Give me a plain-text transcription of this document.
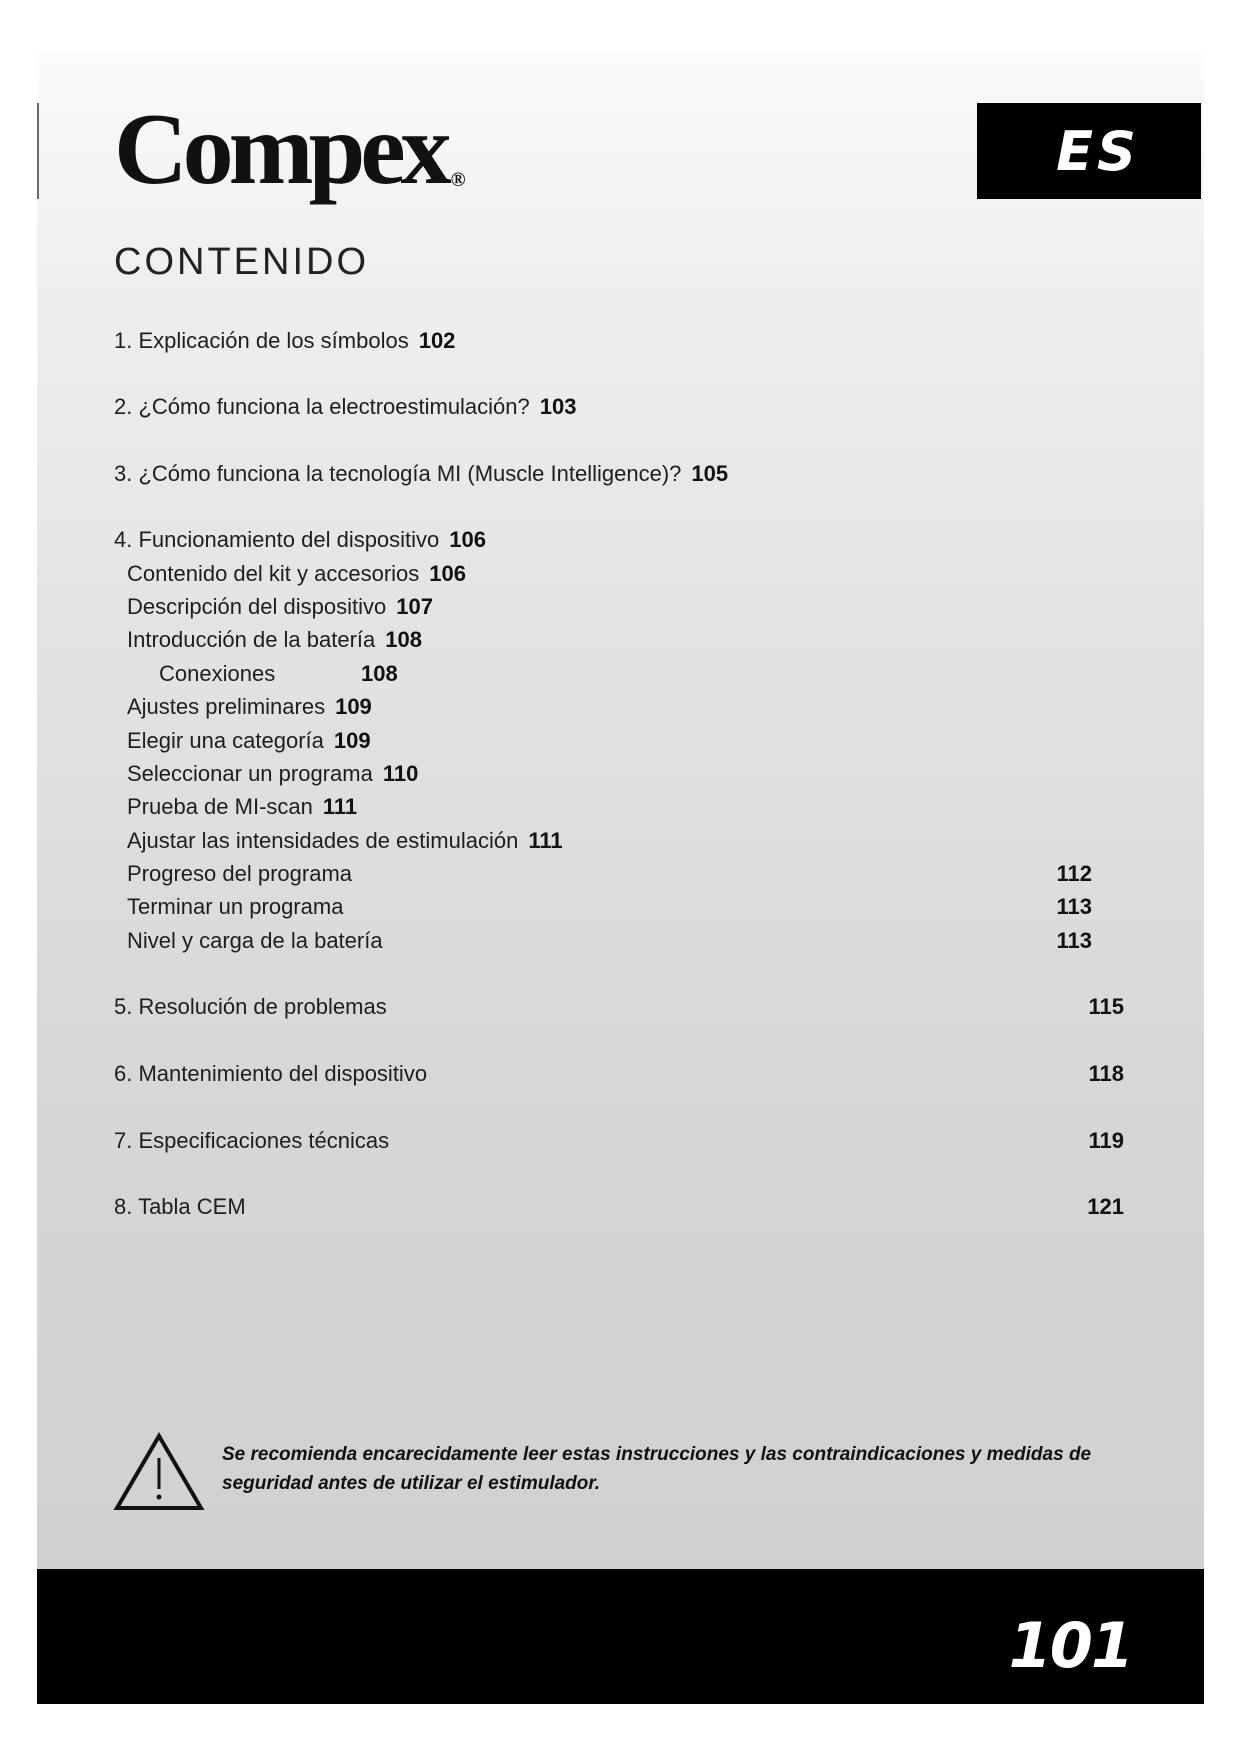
Compex ®	ES
CONTENIDO
1. Explicación de los símbolos 102
2. ¿Cómo funciona la electroestimulación? 103
3. ¿Cómo funciona la tecnología MI (Muscle Intelligence)? 105
4. Funcionamiento del dispositivo 106
Contenido del kit y accesorios 106
Descripción del dispositivo 107
Introducción de la batería 108
Conexiones	108
Ajustes preliminares 109
Elegir una categoría 109
Seleccionar un programa 110
Prueba de MI-scan 111
Ajustar las intensidades de estimulación 111
Progreso del programa	112
Terminar un programa	113
Nivel y carga de la batería	113
5. Resolución de problemas	115
6. Mantenimiento del dispositivo	118
7. Especificaciones técnicas	119
8. Tabla CEM	121
Se recomienda encarecidamente leer estas instrucciones y las contraindicaciones y medidas de seguridad antes de utilizar el estimulador.
101
